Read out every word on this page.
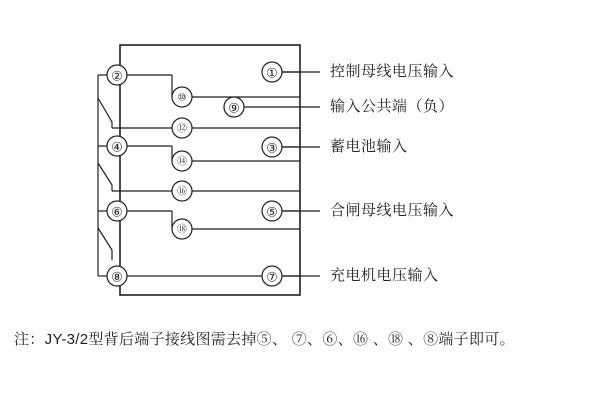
②
⑩
⑫
④
⑭
⑯
⑥
⑱
⑧
①
⑨
③
⑤
⑦
控制母线电压输入
输入公共端（负）
蓄电池输入
合闸母线电压输入
充电机电压输入
注：JY-3/2型背后端子接线图需去掉⑤、 ⑦、⑥、⑯ 、⑱ 、⑧端子即可。
